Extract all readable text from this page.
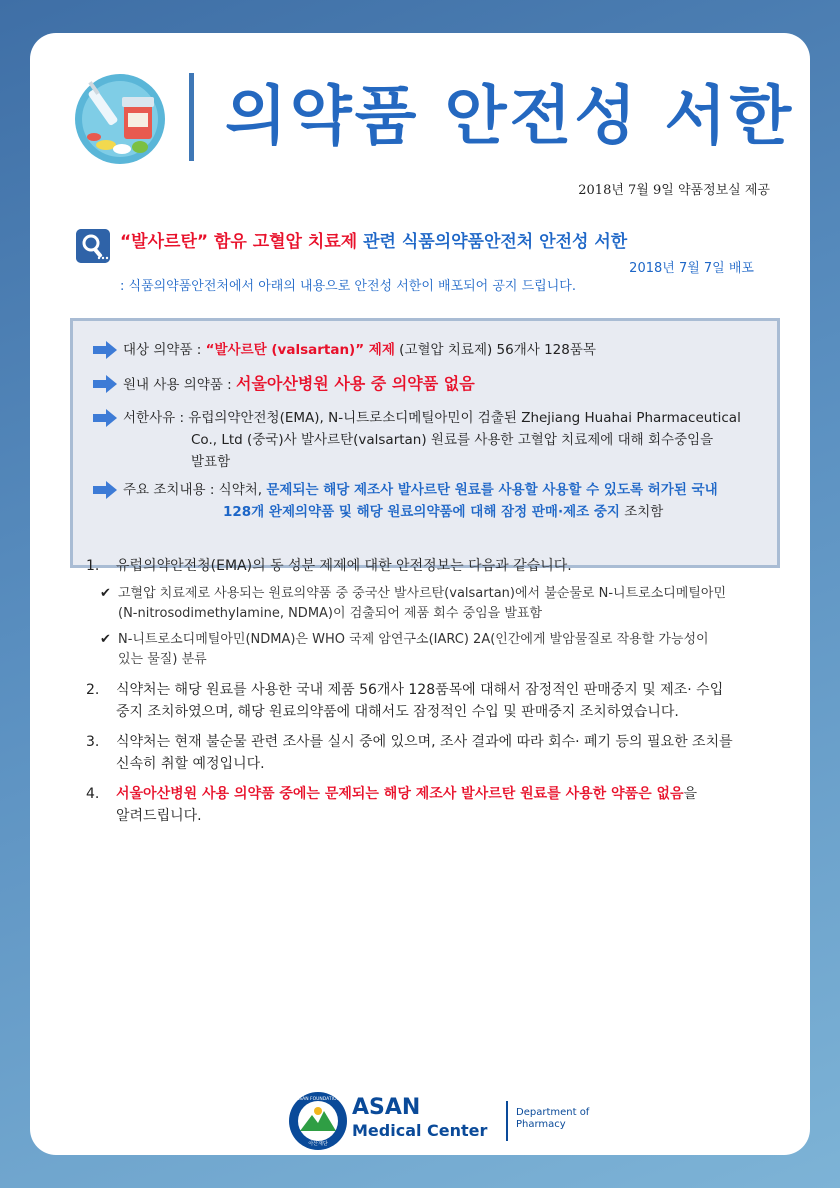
의약품 안전성 서한
2018년 7월 9일 약품정보실 제공
“발사르탄” 함유 고혈압 치료제 관련 식품의약품안전처 안전성 서한
2018년 7월 7일 배포
: 식품의약품안전처에서 아래의 내용으로 안전성 서한이 배포되어 공지 드립니다.
대상 의약품 : “발사르탄 (valsartan)” 제제 (고혈압 치료제) 56개사 128품목
원내 사용 의약품 : 서울아산병원 사용 중 의약품 없음
서한사유 : 유럽의약안전청(EMA), N-니트로소디메틸아민이 검출된 Zhejiang Huahai Pharmaceutical
Co., Ltd (중국)사 발사르탄(valsartan) 원료를 사용한 고혈압 치료제에 대해 회수중임을
발표함
주요 조치내용 : 식약처, 문제되는 해당 제조사 발사르탄 원료를 사용할 사용할 수 있도록 허가된 국내
128개 완제의약품 및 해당 원료의약품에 대해 잠정 판매·제조 중지 조치함
1.	유럽의약안전청(EMA)의 동 성분 제제에 대한 안전정보는 다음과 같습니다.
✔ 고혈압 치료제로 사용되는 원료의약품 중 중국산 발사르탄(valsartan)에서 불순물로 N-니트로소디메틸아민
(N-nitrosodimethylamine, NDMA)이 검출되어 제품 회수 중임을 발표함
✔ N-니트로소디메틸아민(NDMA)은 WHO 국제 암연구소(IARC) 2A(인간에게 발암물질로 작용할 가능성이
있는 물질) 분류
2.	식약처는 해당 원료를 사용한 국내 제품 56개사 128품목에 대해서 잠정적인 판매중지 및 제조· 수입
중지 조치하였으며, 해당 원료의약품에 대해서도 잠정적인 수입 및 판매중지 조치하였습니다.
3.	식약처는 현재 불순물 관련 조사를 실시 중에 있으며, 조사 결과에 따라 회수· 폐기 등의 필요한 조치를
신속히 취할 예정입니다.
4.	서울아산병원 사용 의약품 중에는 문제되는 해당 제조사 발사르탄 원료를 사용한 약품은 없음을
알려드립니다.
아산재단
ASAN FOUNDATION ASAN
Medical Center
Department of
Pharmacy
